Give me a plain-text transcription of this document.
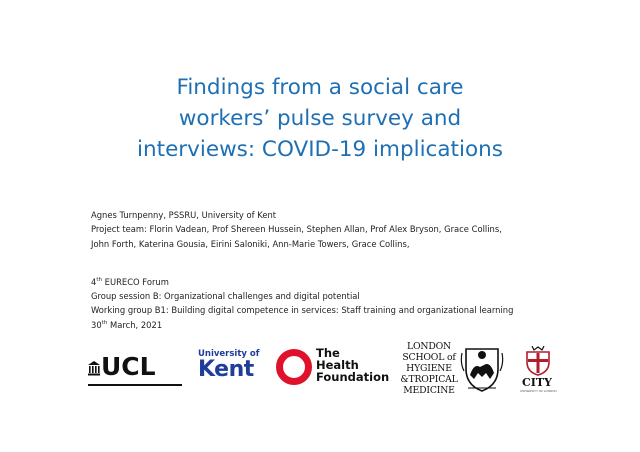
Findings from a social care
workers’ pulse survey and
interviews: COVID-19 implications
Agnes Turnpenny, PSSRU, University of Kent
Project team: Florin Vadean, Prof Shereen Hussein, Stephen Allan, Prof Alex Bryson, Grace Collins,
John Forth, Katerina Gousia, Eirini Saloniki, Ann-Marie Towers, Grace Collins,
4th EURECO Forum
Group session B: Organizational challenges and digital potential
Working group B1: Building digital competence in services: Staff training and organizational learning
30th March, 2021
UCL	University of
Kent
The
Health
Foundation
LONDON
SCHOOL of
HYGIENE
&TROPICAL
MEDICINE
CITY
UNIVERSITY OF LONDON
